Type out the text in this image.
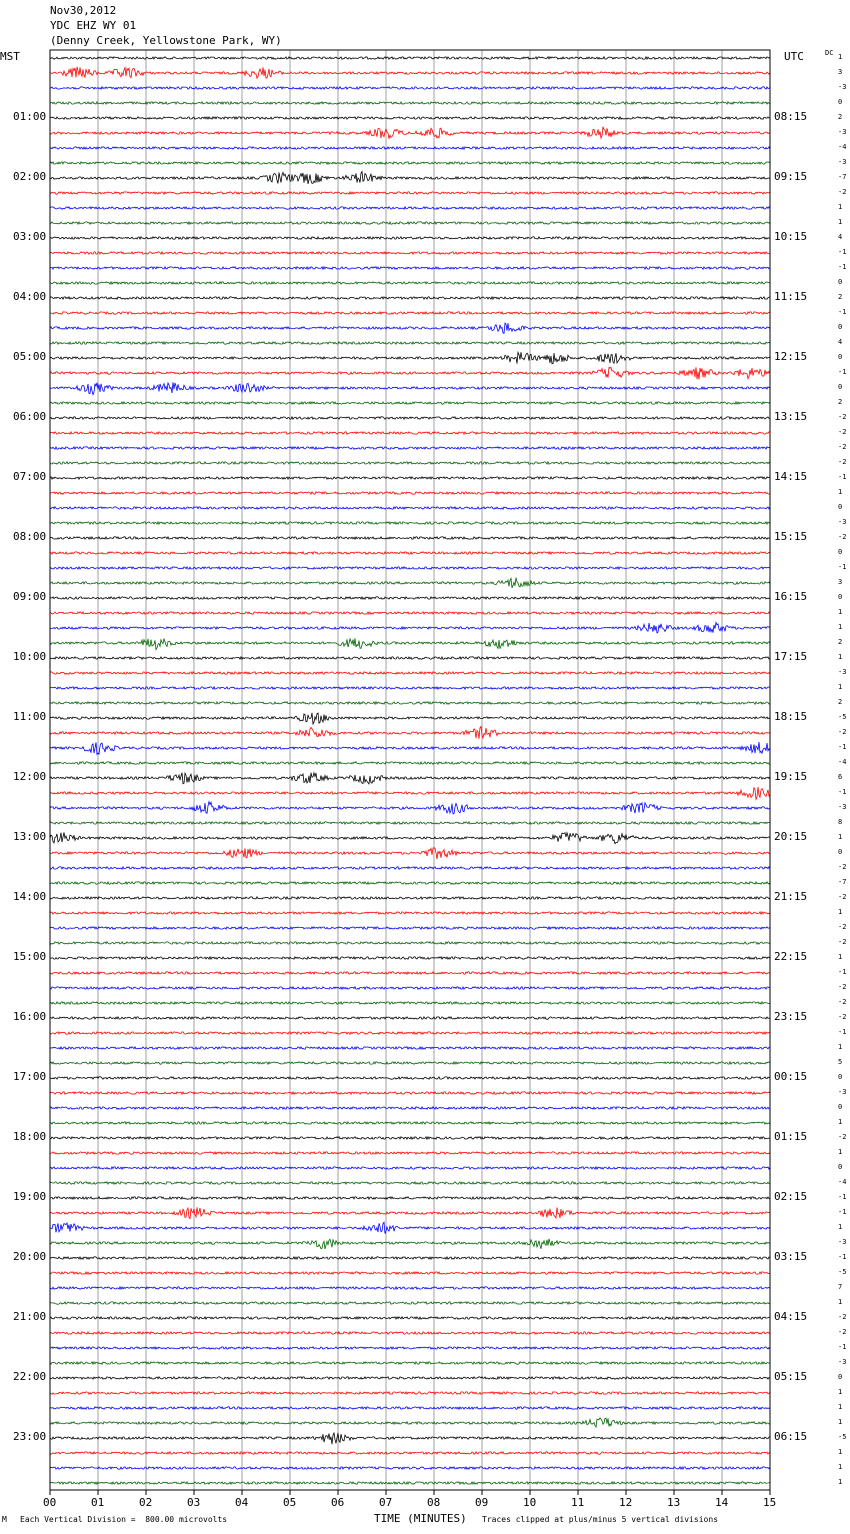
Nov30,2012
YDC EHZ WY 01
(Denny Creek, Yellowstone Park, WY)
MST	UTC	DC 1
3
-3
0
2
-3
-4
-3
-7
-2
1
1
4
-1
-1
0
2
-1
0
4
0
-1
0
2
-2
-2
-2
-2
-1
1
0
-3
-2
0
-1
3
0
1
1
2
1
-3
1
2
-5
-2
-1
-4
6
-1
-3
8
1
0
-2
-7
-2
1
-2
-2
1
-1
-2
-2
-2
-1
1
5
0
-3
0
1
-2
1
0
-4
-1
-1
1
-3
-1
-5
7
1
-2
-2
-1
-3
0
1
1
1
-5
1
1
1
01:00	08:15
02:00	09:15
03:00	10:15
04:00	11:15
05:00	12:15
06:00	13:15
07:00	14:15
08:00	15:15
09:00	16:15
10:00	17:15
11:00	18:15
12:00	19:15
13:00	20:15
14:00	21:15
15:00	22:15
16:00	23:15
17:00	00:15
18:00	01:15
19:00	02:15
20:00	03:15
21:00	04:15
22:00	05:15
23:00	06:15
00	01	02	03	04	05	06	07	08	09	10	11	12	13	14	15
M Each Vertical Division =  800.00 microvolts	TIME (MINUTES) Traces clipped at plus/minus 5 vertical divisions
